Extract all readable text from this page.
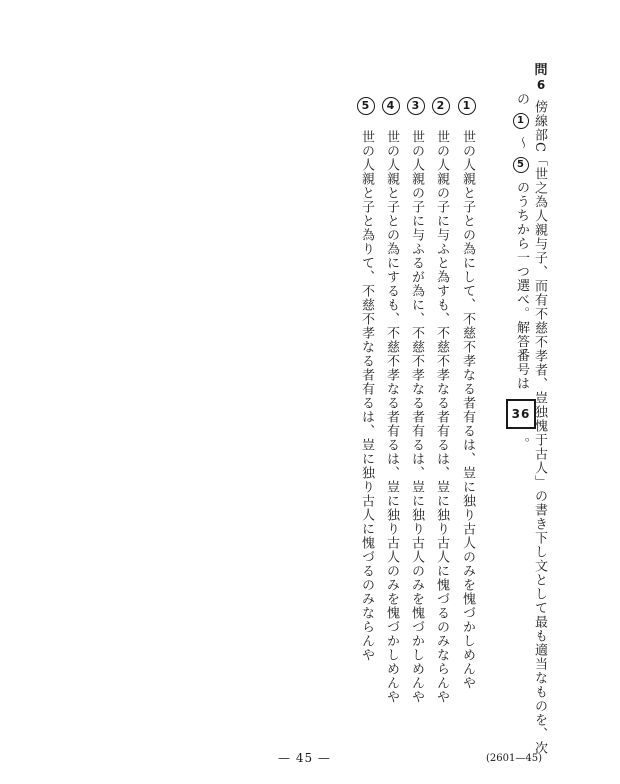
問
6
傍線部C「世之為人親与子、而有不慈不孝者、豈独愧于古人」の書き下し文として最も適当なものを、次
の 1 〜 5 のうちから一つ選べ。解答番号は 36 。
1 世の人親と子との為にして、不慈不孝なる者有るは、豈に独り古人のみを愧づかしめんや
2 世の人親の子に与ふと為すも、不慈不孝なる者有るは、豈に独り古人に愧づるのみならんや
3 世の人親の子に与ふるが為に、不慈不孝なる者有るは、豈に独り古人のみを愧づかしめんや
4 世の人親と子との為にするも、不慈不孝なる者有るは、豈に独り古人のみを愧づかしめんや
5 世の人親と子と為りて、不慈不孝なる者有るは、豈に独り古人に愧づるのみならんや
— 45 —	(2601—45)
